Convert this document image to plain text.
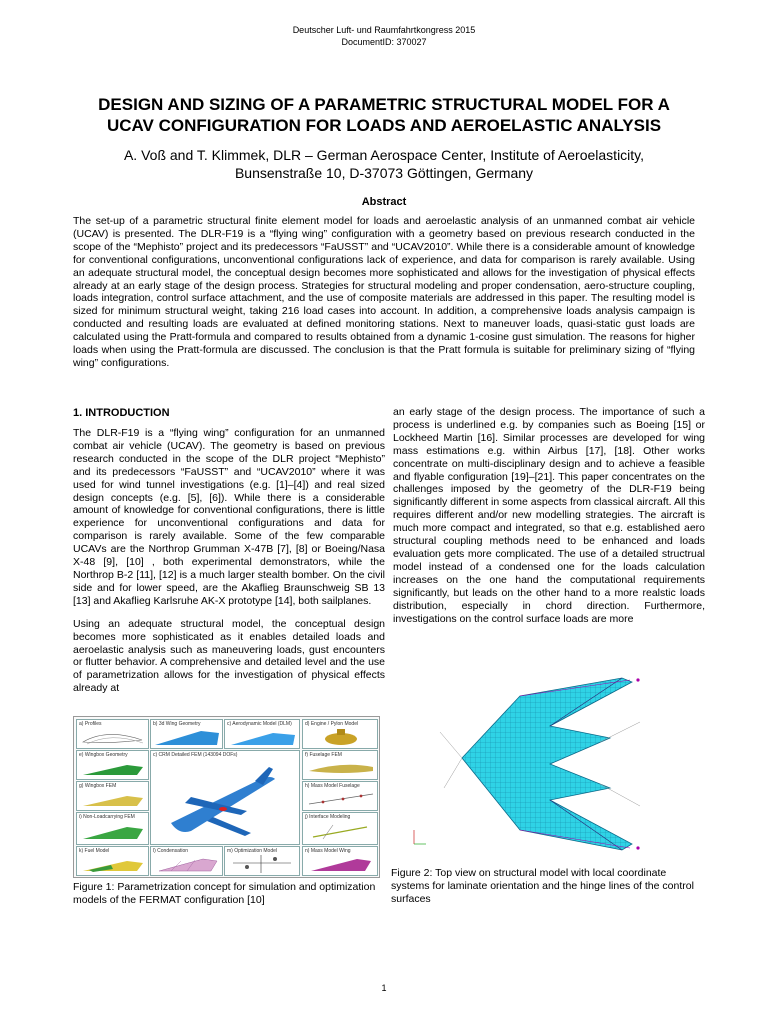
Deutscher Luft- und Raumfahrtkongress 2015
DocumentID: 370027
DESIGN AND SIZING OF A PARAMETRIC STRUCTURAL MODEL FOR A
UCAV CONFIGURATION FOR LOADS AND AEROELASTIC ANALYSIS
A. Voß and T. Klimmek, DLR – German Aerospace Center, Institute of Aeroelasticity,
Bunsenstraße 10, D-37073 Göttingen, Germany
Abstract

The set-up of a parametric structural finite element model for loads and aeroelastic analysis of an unmanned combat air vehicle (UCAV) is presented. The DLR-F19 is a “flying wing” configuration with a geometry based on previous research conducted in the scope of the “Mephisto” project and its predecessors “FaUSST” and “UCAV2010”. While there is a considerable amount of knowledge for conventional configurations, unconventional configurations lack of experience, and data for comparison is rarely available. Using an adequate structural model, the conceptual design becomes more sophisticated and allows for the investigation of physical effects already at an early stage of the design process. Strategies for structural modeling and proper condensation, aero-structure coupling, loads integration, control surface attachment, and the use of composite materials are addressed in this paper. The resulting model is sized for minimum structural weight, taking 216 load cases into account. In addition, a comprehensive loads analysis campaign is conducted and resulting loads are evaluated at defined monitoring stations. Next to maneuver loads, quasi-static gust loads are calculated using the Pratt-formula and compared to results obtained from a dynamic 1-cosine gust simulation. The reasons for higher loads when using the Pratt-formula are discussed. The conclusion is that the Pratt formula is suitable for preliminary sizing of “flying wing” configurations.

1. INTRODUCTION

The DLR-F19 is a “flying wing” configuration for an unmanned combat air vehicle (UCAV). The geometry is based on previous research conducted in the scope of the DLR project “Mephisto” and its predecessors “FaUSST” and “UCAV2010” where it was used for wind tunnel investigations (e.g. [1]–[4]) and real sized design concepts (e.g. [5], [6]). While there is a considerable amount of knowledge for conventional configurations, there is little experience for unconventional configurations and data for comparison is rarely available. Some of the few comparable UCAVs are the Northrop Grumman X-47B [7], [8] or Boeing/Nasa X-48 [9], [10] , both experimental demonstrators, while the Northrop B-2 [11], [12] is a much larger stealth bomber. On the civil side and for lower speed, are the Akaflieg Braunschweig SB 13 [13] and Akaflieg Karlsruhe AK-X prototype [14], both sailplanes.

Using an adequate structural model, the conceptual design becomes more sophisticated as it enables detailed loads and aeroelastic analysis such as maneuvering loads, gust encounters or flutter behavior. A comprehensive and detailed level and the use of parametrization allows for the investigation of physical effects already at

a) Profiles	b) 3d Wing Geometry	c) Aerodynamic Model (DLM)	d) Engine / Pylon Model
e) Wingbox Geometry	c) CRM Detailed FEM (143094 DOFs)	f) Fuselage FEM
g) Wingbox FEM	h) Mass Model Fuselage
i) Non-Loadcarrying FEM	j) Interface Modeling
k) Fuel Model	l) Condensation	m) Optimization Model	n) Mass Model Wing
Figure 1: Parametrization concept for simulation and optimization models of the FERMAT configuration [10]

an early stage of the design process. The importance of such a process is underlined e.g. by companies such as Boeing [15] or Lockheed Martin [16]. Similar processes are developed for wing mass estimations e.g. within Airbus [17], [18]. Other works concentrate on multi-disciplinary design and to achieve a feasible and flyable configuration [19]–[21]. This paper concentrates on the challenges imposed by the geometry of the DLR-F19 being significantly different in some aspects from classical aircraft. All this requires different and/or new modelling strategies. The aircraft is much more compact and integrated, so that e.g. established aero structural coupling methods need to be enhanced and loads evaluation gets more complicated. The use of a detailed structrual model instead of a condensed one for the loads calculation increases on the one hand the computational requirements significantly, but leads on the other hand to a more realstic loads distribution, especially in chord direction. Furthermore, investigations on the control surface loads are more

Figure 2: Top view on structural model with local coordinate systems for laminate orientation and the hinge lines of the control surfaces
1
